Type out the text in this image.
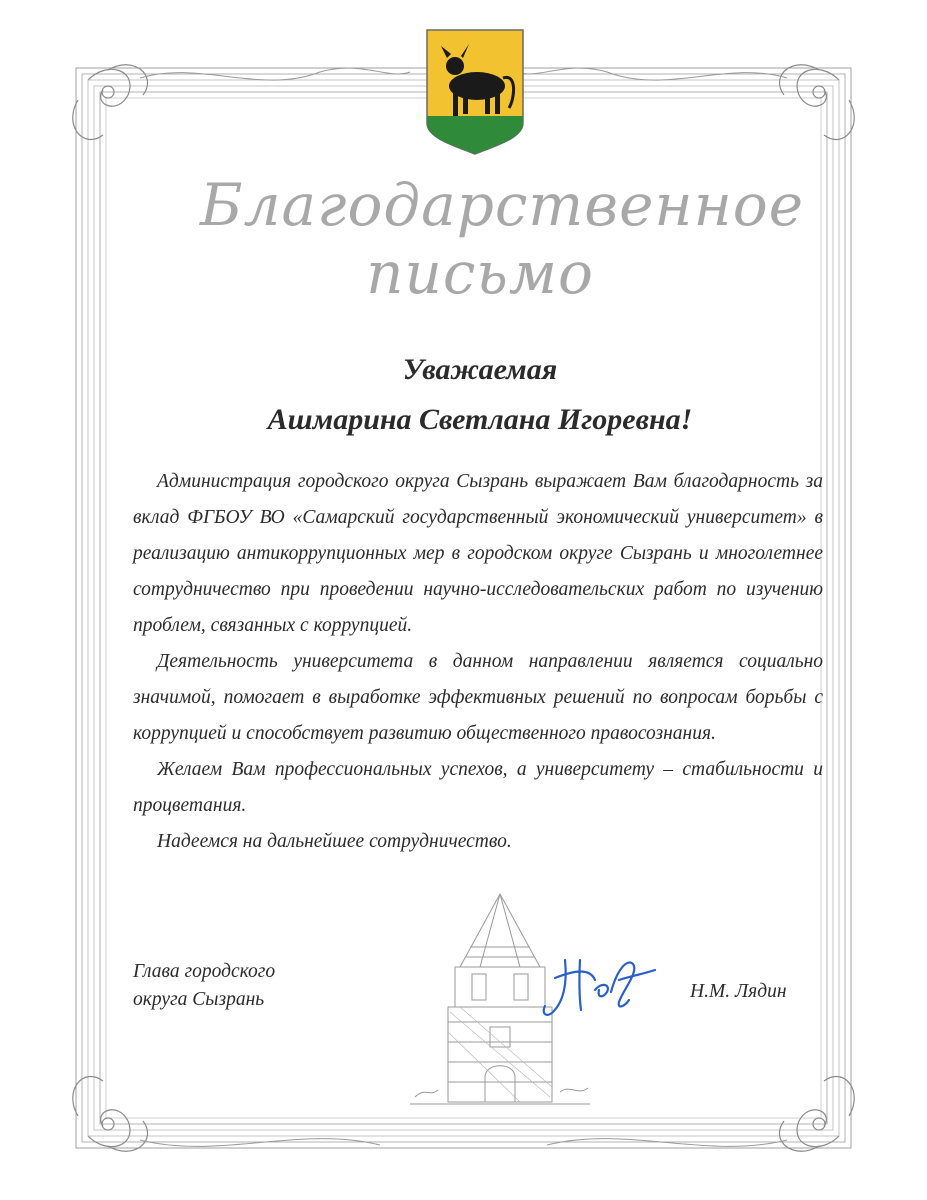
Благодарственное
письмо
Уважаемая
Ашмарина Светлана Игоревна!

Администрация городского округа Сызрань выражает Вам благодарность за вклад ФГБОУ ВО «Самарский государственный экономический университет» в реализацию антикоррупционных мер в городском округе Сызрань и многолетнее сотрудничество при проведении научно-исследовательских работ по изучению проблем, связанных с коррупцией.

Деятельность университета в данном направлении является социально значимой, помогает в выработке эффективных решений по вопросам борьбы с коррупцией и способствует развитию общественного правосознания.

Желаем Вам профессиональных успехов, а университету – стабильности и процветания.

Надеемся на дальнейшее сотрудничество.

Глава городского
округа Сызрань	Н.М. Лядин
